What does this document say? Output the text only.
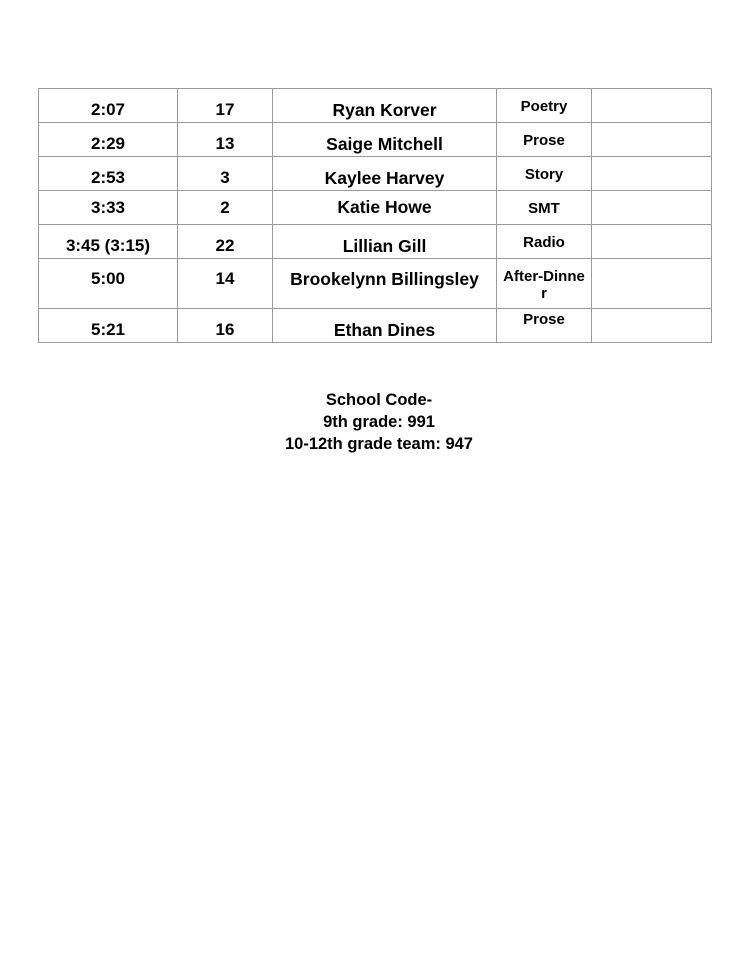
2:07	17	Ryan Korver	Poetry	
2:29	13	Saige Mitchell	Prose	
2:53	3	Kaylee Harvey	Story	
3:33	2	Katie Howe	SMT	
3:45 (3:15)	22	Lillian Gill	Radio	
5:00	14	Brookelynn Billingsley	After-Dinner	

5:21	16	Ethan Dines	Prose	
School Code-
9th grade: 991
10-12th grade team: 947
